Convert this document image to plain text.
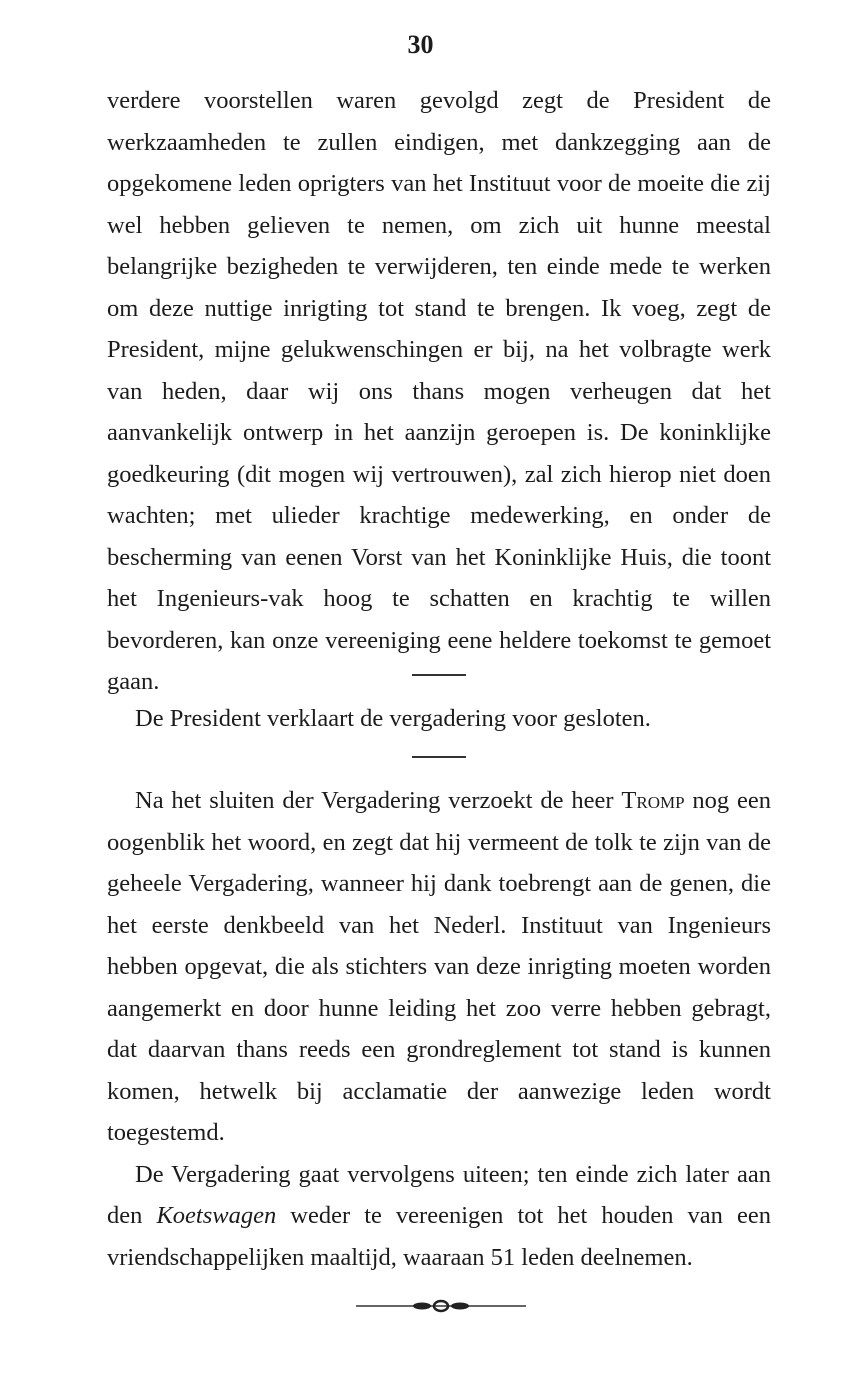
30

verdere voorstellen waren gevolgd zegt de President de werkzaamheden te zullen eindigen, met dankzegging aan de opgekomene leden oprigters van het Instituut voor de moeite die zij wel hebben gelieven te nemen, om zich uit hunne meestal belangrijke bezigheden te verwijderen, ten einde mede te werken om deze nuttige inrigting tot stand te brengen. Ik voeg, zegt de President, mijne gelukwenschingen er bij, na het volbragte werk van heden, daar wij ons thans mogen verheugen dat het aanvankelijk ontwerp in het aanzijn geroepen is. De koninklijke goedkeuring (dit mogen wij vertrouwen), zal zich hierop niet doen wachten; met ulieder krachtige medewerking, en onder de bescherming van eenen Vorst van het Koninklijke Huis, die toont het Ingenieurs-vak hoog te schatten en krachtig te willen bevorderen, kan onze vereeniging eene heldere toekomst te gemoet gaan.

De President verklaart de vergadering voor gesloten.

Na het sluiten der Vergadering verzoekt de heer Tromp nog een oogenblik het woord, en zegt dat hij vermeent de tolk te zijn van de geheele Vergadering, wanneer hij dank toebrengt aan de genen, die het eerste denkbeeld van het Nederl. Instituut van Ingenieurs hebben opgevat, die als stichters van deze inrigting moeten worden aangemerkt en door hunne leiding het zoo verre hebben gebragt, dat daarvan thans reeds een grondreglement tot stand is kunnen komen, hetwelk bij acclamatie der aanwezige leden wordt toegestemd.

De Vergadering gaat vervolgens uiteen; ten einde zich later aan den Koetswagen weder te vereenigen tot het houden van een vriendschappelijken maaltijd, waaraan 51 leden deelnemen.
